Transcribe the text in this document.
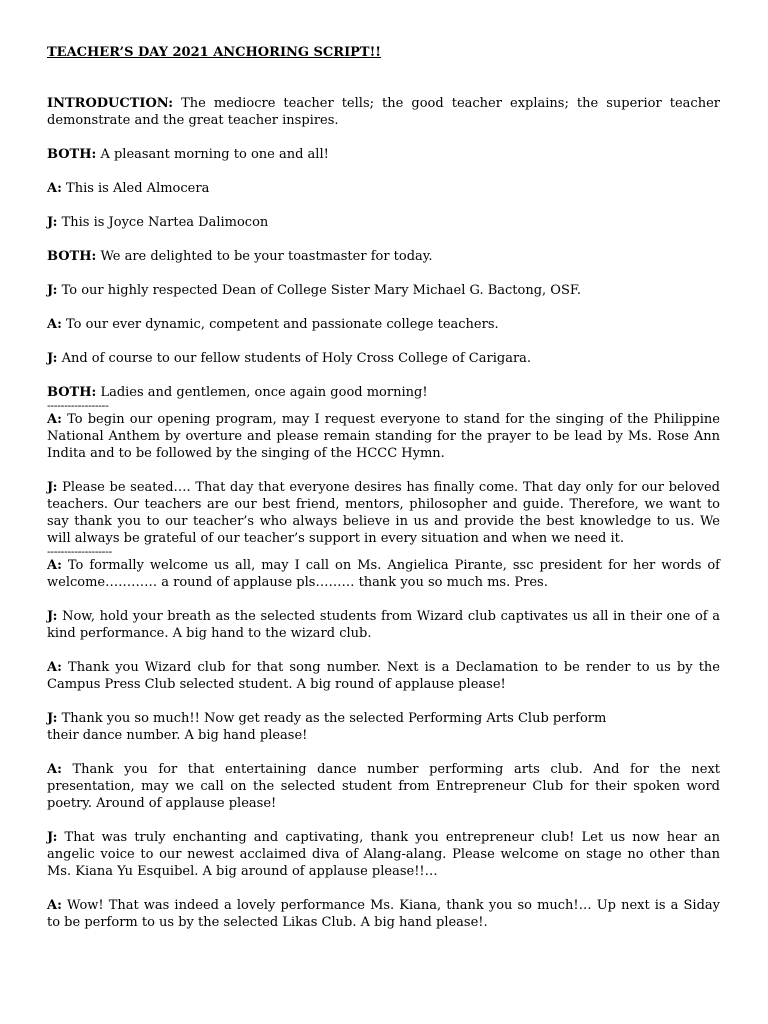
TEACHER’S DAY 2021 ANCHORING SCRIPT!!

INTRODUCTION: The mediocre teacher tells; the good teacher explains; the superior teacher demonstrate and the great teacher inspires.

BOTH: A pleasant morning to one and all!

A: This is Aled Almocera

J: This is Joyce Nartea Dalimocon

BOTH: We are delighted to be your toastmaster for today.

J: To our highly respected Dean of College Sister Mary Michael G. Bactong, OSF.

A: To our ever dynamic, competent and passionate college teachers.

J: And of course to our fellow students of Holy Cross College of Carigara.

BOTH: Ladies and gentlemen, once again good morning!

------------------

A: To begin our opening program, may I request everyone to stand for the singing of the Philippine National Anthem by overture and please remain standing for the prayer to be lead by Ms. Rose Ann Indita and to be followed by the singing of the HCCC Hymn.

J: Please be seated…. That day that everyone desires has finally come. That day only for our beloved teachers. Our teachers are our best friend, mentors, philosopher and guide. Therefore, we want to say thank you to our teacher’s who always believe in us and provide the best knowledge to us. We will always be grateful of our teacher’s support in every situation and when we need it.

-------------------

A: To formally welcome us all, may I call on Ms. Angielica Pirante, ssc president for her words of welcome………… a round of applause pls……… thank you so much ms. Pres.

J: Now, hold your breath as the selected students from Wizard club captivates us all in their one of a kind performance. A big hand to the wizard club.

A: Thank you Wizard club for that song number. Next is a Declamation to be render to us by the Campus Press Club selected student. A big round of applause please!

J: Thank you so much!! Now get ready as the selected Performing Arts Club perform
their dance number. A big hand please!

A: Thank you for that entertaining dance number performing arts club. And for the next presentation, may we call on the selected student from Entrepreneur Club for their spoken word poetry. Around of applause please!

J: That was truly enchanting and captivating, thank you entrepreneur club! Let us now hear an angelic voice to our newest acclaimed diva of Alang-alang. Please welcome on stage no other than Ms. Kiana Yu Esquibel. A big around of applause please!!…

A: Wow! That was indeed a lovely performance Ms. Kiana, thank you so much!… Up next is a Siday to be perform to us by the selected Likas Club. A big hand please!.
